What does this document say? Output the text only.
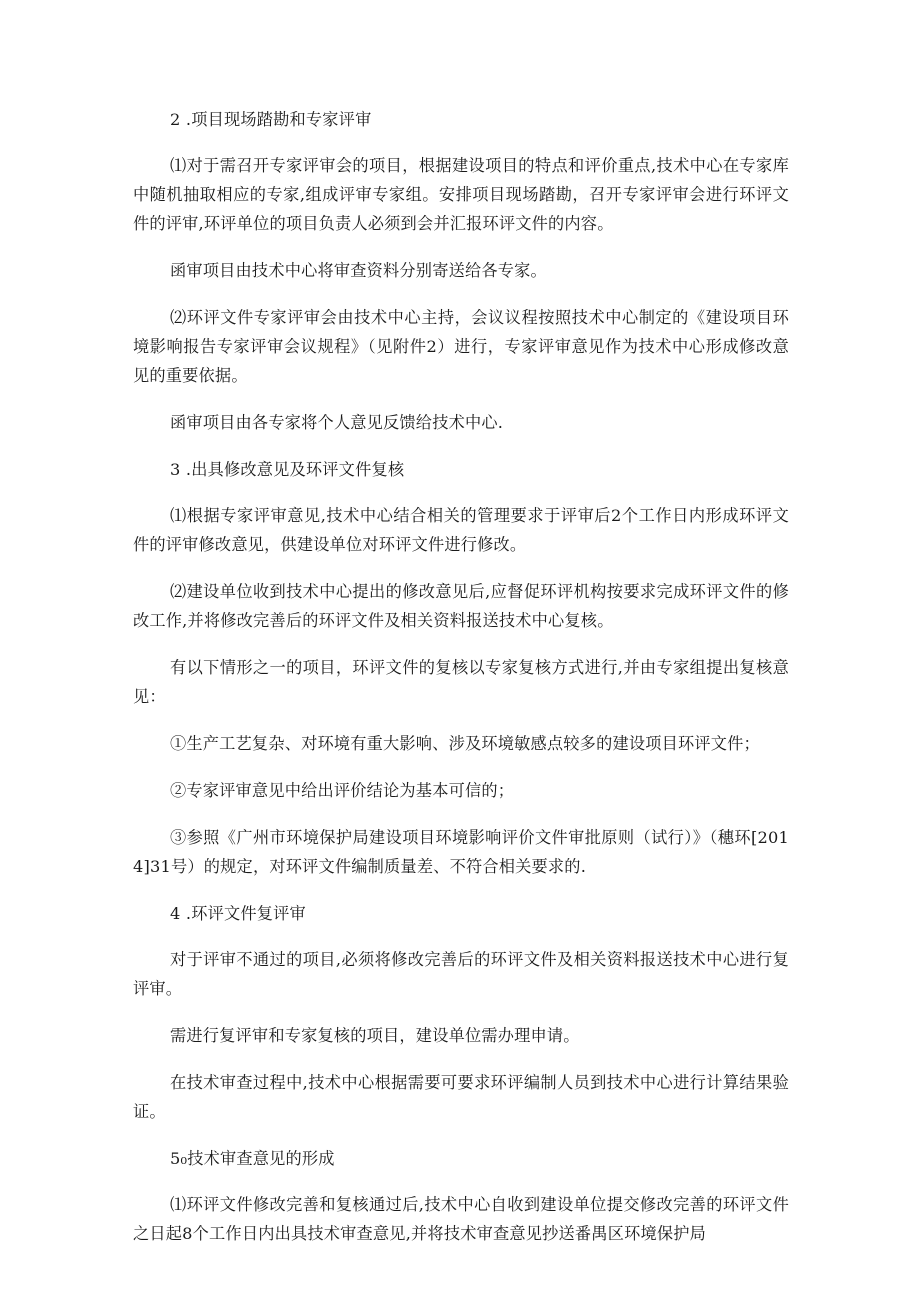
2 .项目现场踏勘和专家评审

⑴对于需召开专家评审会的项目，根据建设项目的特点和评价重点,技术中心在专家库中随机抽取相应的专家,组成评审专家组。安排项目现场踏勘，召开专家评审会进行环评文件的评审,环评单位的项目负责人必须到会并汇报环评文件的内容。

函审项目由技术中心将审查资料分别寄送给各专家。

⑵环评文件专家评审会由技术中心主持，会议议程按照技术中心制定的《建设项目环境影响报告专家评审会议规程》（见附件2）进行，专家评审意见作为技术中心形成修改意见的重要依据。

函审项目由各专家将个人意见反馈给技术中心.

3 .出具修改意见及环评文件复核

⑴根据专家评审意见,技术中心结合相关的管理要求于评审后2个工作日内形成环评文件的评审修改意见，供建设单位对环评文件进行修改。

⑵建设单位收到技术中心提出的修改意见后,应督促环评机构按要求完成环评文件的修改工作,并将修改完善后的环评文件及相关资料报送技术中心复核。

有以下情形之一的项目，环评文件的复核以专家复核方式进行,并由专家组提出复核意见：

①生产工艺复杂、对环境有重大影响、涉及环境敏感点较多的建设项目环评文件；

②专家评审意见中给出评价结论为基本可信的；

③参照《广州市环境保护局建设项目环境影响评价文件审批原则（试行）》（穗环[2014]31号）的规定，对环评文件编制质量差、不符合相关要求的.

4 .环评文件复评审

对于评审不通过的项目,必须将修改完善后的环评文件及相关资料报送技术中心进行复评审。

需进行复评审和专家复核的项目，建设单位需办理申请。

在技术审查过程中,技术中心根据需要可要求环评编制人员到技术中心进行计算结果验证。

5₀技术审查意见的形成

⑴环评文件修改完善和复核通过后,技术中心自收到建设单位提交修改完善的环评文件之日起8个工作日内出具技术审查意见,并将技术审查意见抄送番禺区环境保护局
